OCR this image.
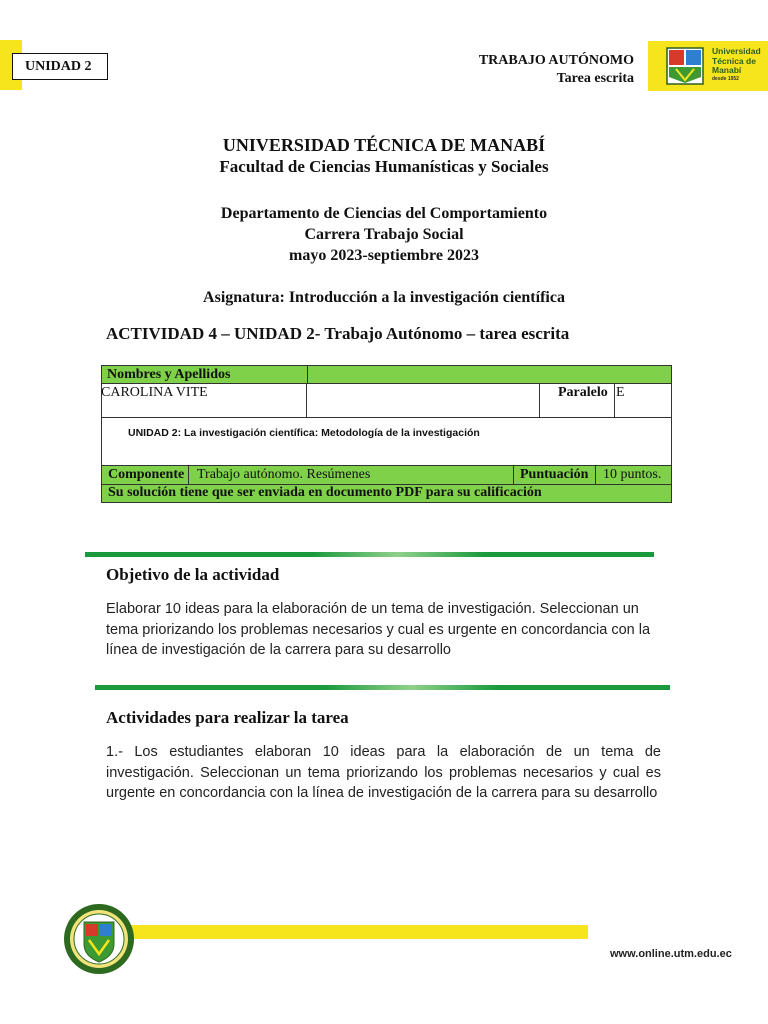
UNIDAD 2	TRABAJO AUTÓNOMO
Tarea escrita
Universidad
Técnica de
Manabí
desde 1952
UNIVERSIDAD TÉCNICA DE MANABÍ
Facultad de Ciencias Humanísticas y Sociales
Departamento de Ciencias del Comportamiento
Carrera Trabajo Social
mayo 2023-septiembre 2023
Asignatura: Introducción a la investigación científica
ACTIVIDAD 4 – UNIDAD 2- Trabajo Autónomo – tarea escrita
Nombres y Apellidos
CAROLINA VITE	Paralelo E
UNIDAD 2: La investigación científica: Metodología de la investigación
Componente Trabajo autónomo. Resúmenes	Puntuación	10 puntos.
Su solución tiene que ser enviada en documento PDF para su calificación
Objetivo de la actividad
Elaborar 10 ideas para la elaboración de un tema de investigación. Seleccionan un tema priorizando los problemas necesarios y cual es urgente en concordancia con la línea de investigación de la carrera para su desarrollo
Actividades para realizar la tarea
1.- Los estudiantes elaboran 10 ideas para la elaboración de un tema de investigación. Seleccionan un tema priorizando los problemas necesarios y cual es urgente en concordancia con la línea de investigación de la carrera para su desarrollo
www.online.utm.edu.ec
